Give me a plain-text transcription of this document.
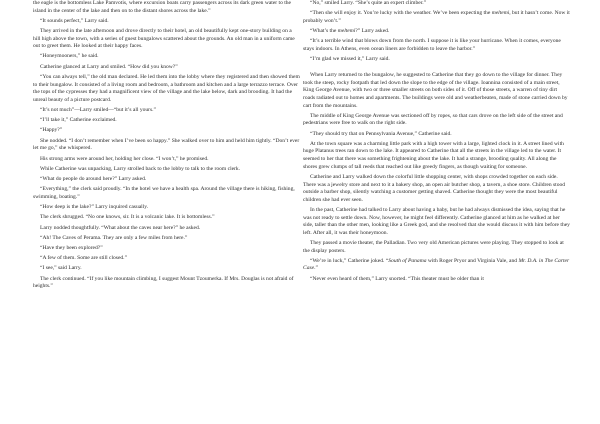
the eagle is the bottomless Lake Pamvotis, where excursion boats carry passengers across its dark green water to the island in the center of the lake and then on to the distant shores across the lake.”

“It sounds perfect,” Larry said.

They arrived in the late afternoon and drove directly to their hotel, an old beautifully kept one-story building on a hill high above the town, with a series of guest bungalows scattered about the grounds. An old man in a uniform came out to greet them. He looked at their happy faces.

“Honeymooners,” he said.

Catherine glanced at Larry and smiled. “How did you know?”

“You can always tell,” the old man declared. He led them into the lobby where they registered and then showed them to their bungalow. It consisted of a living room and bedroom, a bathroom and kitchen and a large terrazzo terrace. Over the tops of the cypresses they had a magnificent view of the village and the lake below, dark and brooding. It had the unreal beauty of a picture postcard.

“It’s not much”—Larry smiled—“but it’s all yours.”

“I’ll take it,” Catherine exclaimed.

“Happy?”

She nodded. “I don’t remember when I’ve been so happy.” She walked over to him and held him tightly. “Don’t ever let me go,” she whispered.

His strong arms were around her, holding her close. “I won’t,” he promised.

While Catherine was unpacking, Larry strolled back to the lobby to talk to the room clerk.

“What do people do around here?” Larry asked.

“Everything,” the clerk said proudly. “In the hotel we have a health spa. Around the village there is hiking, fishing, swimming, boating.”

“How deep is the lake?” Larry inquired casually.

The clerk shrugged. “No one knows, sir. It is a volcanic lake. It is bottomless.”

Larry nodded thoughtfully. “What about the caves near here?” he asked.

“Ah! The Caves of Perama. They are only a few miles from here.”

“Have they been explored?”

“A few of them. Some are still closed.”

“I see,” said Larry.

The clerk continued. “If you like mountain climbing, I suggest Mount Tzoumerka. If Mrs. Douglas is not afraid of heights.”

“No,” smiled Larry. “She’s quite an expert climber.”

“Then she will enjoy it. You’re lucky with the weather. We’ve been expecting the meltemi, but it hasn’t come. Now it probably won’t.”

“What’s the meltemi?” Larry asked.

“It’s a terrible wind that blows down from the north. I suppose it is like your hurricane. When it comes, everyone stays indoors. In Athens, even ocean liners are forbidden to leave the harbor.”

“I’m glad we missed it,” Larry said.

When Larry returned to the bungalow, he suggested to Catherine that they go down to the village for dinner. They took the steep, rocky footpath that led down the slope to the edge of the village. Ioannina consisted of a main street, King George Avenue, with two or three smaller streets on both sides of it. Off of those streets, a warren of tiny dirt roads radiated out to homes and apartments. The buildings were old and weatherbeaten, made of stone carried down by cart from the mountains.

The middle of King George Avenue was sectioned off by ropes, so that cars drove on the left side of the street and pedestrians were free to walk on the right side.

“They should try that on Pennsylvania Avenue,” Catherine said.

At the town square was a charming little park with a high tower with a large, lighted clock in it. A street lined with huge Platanus trees ran down to the lake. It appeared to Catherine that all the streets in the village led to the water. It seemed to her that there was something frightening about the lake. It had a strange, brooding quality. All along the shores grew clumps of tall reeds that reached out like greedy fingers, as though waiting for someone.

Catherine and Larry walked down the colorful little shopping center, with shops crowded together on each side. There was a jewelry store and next to it a bakery shop, an open air butcher shop, a tavern, a shoe store. Children stood outside a barber shop, silently watching a customer getting shaved. Catherine thought they were the most beautiful children she had ever seen.

In the past, Catherine had talked to Larry about having a baby, but he had always dismissed the idea, saying that he was not ready to settle down. Now, however, he might feel differently. Catherine glanced at him as he walked at her side, taller than the other men, looking like a Greek god, and she resolved that she would discuss it with him before they left. After all, it was their honeymoon.

They passed a movie theater, the Palladian. Two very old American pictures were playing. They stopped to look at the display posters.

“We’re in luck,” Catherine joked. “South of Panama with Roger Pryor and Virginia Vale, and Mr. D.A. in The Carter Case.”

“Never even heard of them,” Larry snorted. “This theater must be older than it
